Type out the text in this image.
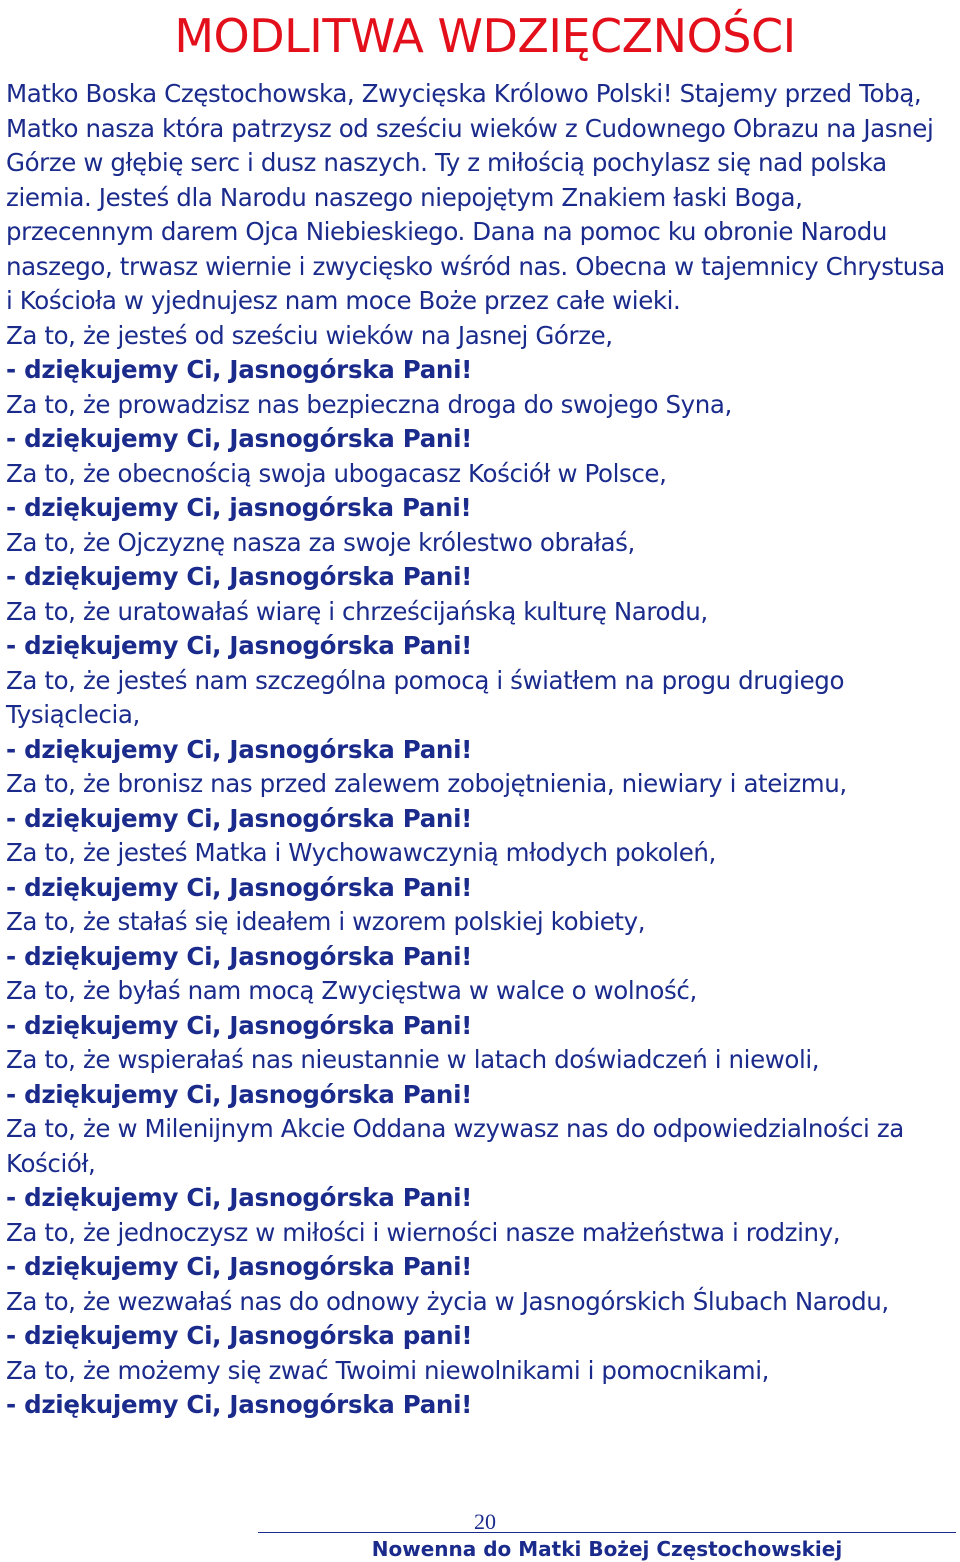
MODLITWA WDZIĘCZNOŚCI

Matko Boska Częstochowska, Zwycięska Królowo Polski! Stajemy przed Tobą, Matko nasza która patrzysz od sześciu wieków z Cudownego Obrazu na Jasnej Górze w głębię serc i dusz naszych. Ty z miłością pochylasz się nad polska ziemia. Jesteś dla Narodu naszego niepojętym Znakiem łaski Boga, przecennym darem Ojca Niebieskiego. Dana na pomoc ku obronie Narodu naszego, trwasz wiernie i zwycięsko wśród nas. Obecna w tajemnicy Chrystusa i Kościoła w yjednujesz nam moce Boże przez całe wieki.

Za to, że jesteś od sześciu wieków na Jasnej Górze,
- dziękujemy Ci, Jasnogórska Pani!
Za to, że prowadzisz nas bezpieczna droga do swojego Syna,
- dziękujemy Ci, Jasnogórska Pani!
Za to, że obecnością swoja ubogacasz Kościół w Polsce,
- dziękujemy Ci, jasnogórska Pani!
Za to, że Ojczyznę nasza za swoje królestwo obrałaś,
- dziękujemy Ci, Jasnogórska Pani!
Za to, że uratowałaś wiarę i chrześcijańską kulturę Narodu,
- dziękujemy Ci, Jasnogórska Pani!
Za to, że jesteś nam szczególna pomocą i światłem na progu drugiego Tysiąclecia,
- dziękujemy Ci, Jasnogórska Pani!
Za to, że bronisz nas przed zalewem zobojętnienia, niewiary i ateizmu,
- dziękujemy Ci, Jasnogórska Pani!
Za to, że jesteś Matka i Wychowawczynią młodych pokoleń,
- dziękujemy Ci, Jasnogórska Pani!
Za to, że stałaś się ideałem i wzorem polskiej kobiety,
- dziękujemy Ci, Jasnogórska Pani!
Za to, że byłaś nam mocą Zwycięstwa w walce o wolność,
- dziękujemy Ci, Jasnogórska Pani!
Za to, że wspierałaś nas nieustannie w latach doświadczeń i niewoli,
- dziękujemy Ci, Jasnogórska Pani!
Za to, że w Milenijnym Akcie Oddana wzywasz nas do odpowiedzialności za Kościół,
- dziękujemy Ci, Jasnogórska Pani!
Za to, że jednoczysz w miłości i wierności nasze małżeństwa i rodziny,
- dziękujemy Ci, Jasnogórska Pani!
Za to, że wezwałaś nas do odnowy życia w Jasnogórskich Ślubach Narodu,
- dziękujemy Ci, Jasnogórska pani!
Za to, że możemy się zwać Twoimi niewolnikami i pomocnikami,
- dziękujemy Ci, Jasnogórska Pani!
20
Nowenna do Matki Bożej Częstochowskiej
